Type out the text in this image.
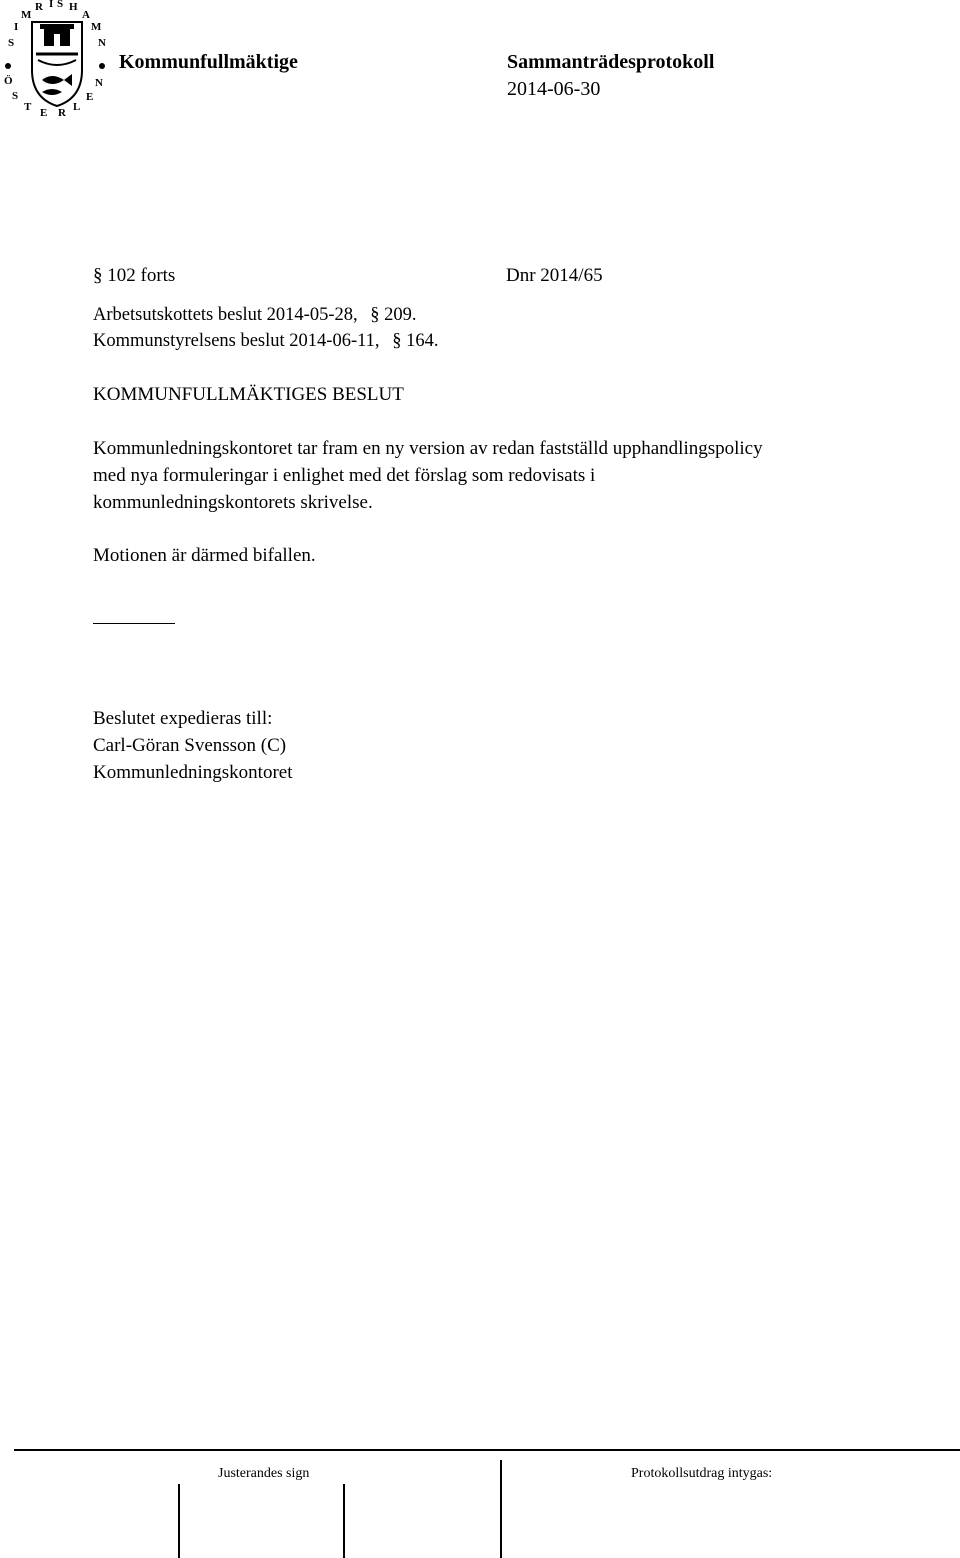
S
I
M
R I S H
A
M
N
Ö
S
T E R L
E
N
Kommunfullmäktige	Sammanträdesprotokoll
2014-06-30
§ 102 forts	Dnr 2014/65
Arbetsutskottets beslut 2014-05-28, § 209.
Kommunstyrelsens beslut 2014-06-11, § 164.
KOMMUNFULLMÄKTIGES BESLUT
Kommunledningskontoret tar fram en ny version av redan fastställd upphandlingspolicy
med nya formuleringar i enlighet med det förslag som redovisats i
kommunledningskontorets skrivelse.
Motionen är därmed bifallen.
Beslutet expedieras till:
Carl-Göran Svensson (C)
Kommunledningskontoret
Justerandes sign	Protokollsutdrag intygas:
